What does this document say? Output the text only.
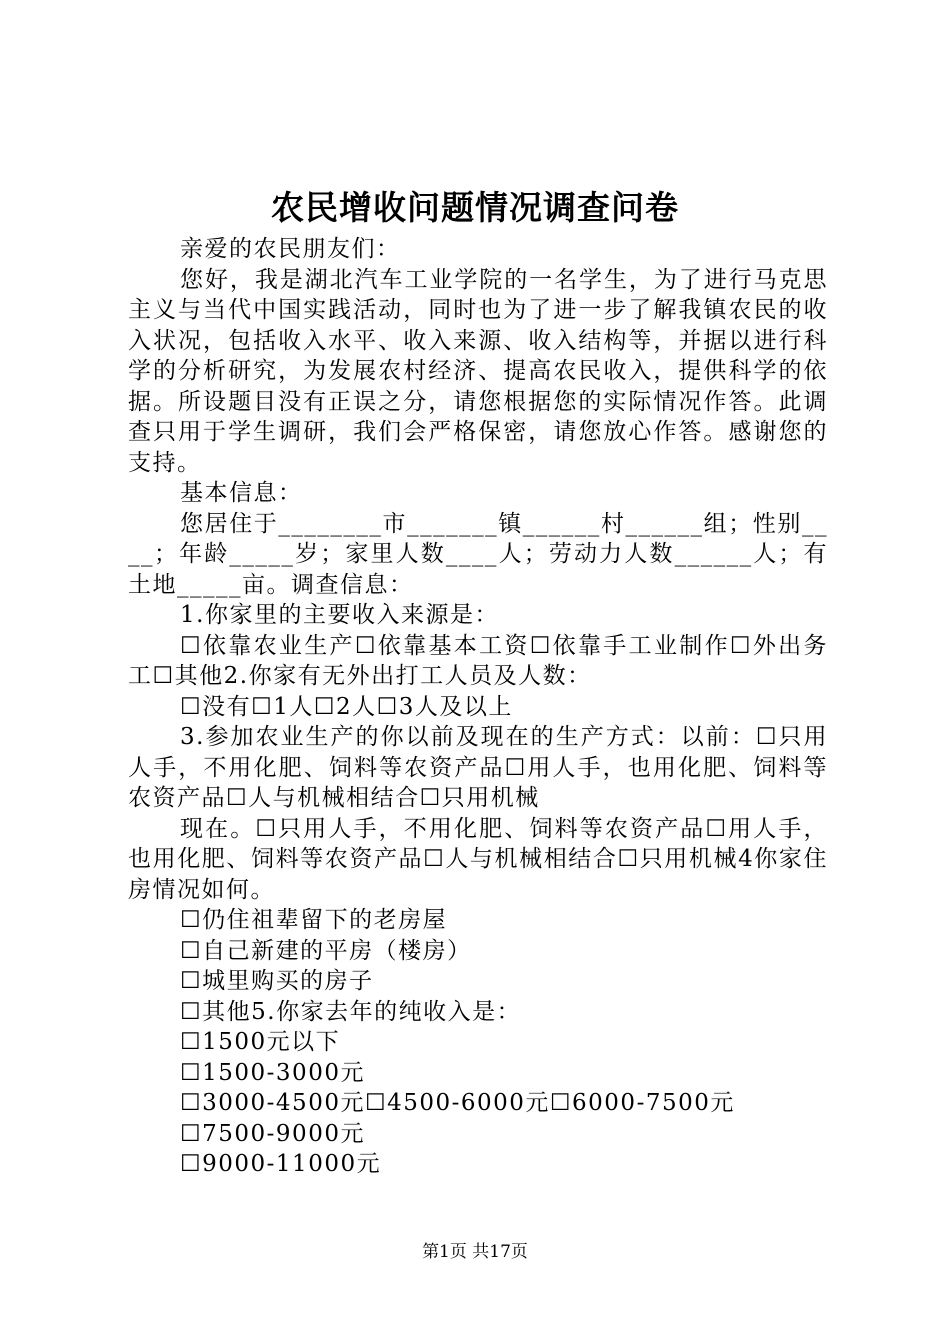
农民增收问题情况调查问卷

亲爱的农民朋友们：

您好，我是湖北汽车工业学院的一名学生，为了进行马克思主义与当代中国实践活动，同时也为了进一步了解我镇农民的收入状况，包括收入水平、收入来源、收入结构等，并据以进行科学的分析研究，为发展农村经济、提高农民收入，提供科学的依据。所设题目没有正误之分，请您根据您的实际情况作答。此调查只用于学生调研，我们会严格保密，请您放心作答。感谢您的支持。

基本信息：

您居住于________市_______镇______村______组；性别____；年龄_____岁；家里人数____人；劳动力人数______人；有土地_____亩。调查信息：

1.你家里的主要收入来源是：

☐依靠农业生产☐依靠基本工资☐依靠手工业制作☐外出务工☐其他2.你家有无外出打工人员及人数：

☐没有☐1人☐2人☐3人及以上

3.参加农业生产的你以前及现在的生产方式：以前：☐只用人手，不用化肥、饲料等农资产品☐用人手，也用化肥、饲料等农资产品☐人与机械相结合☐只用机械

现在。☐只用人手，不用化肥、饲料等农资产品☐用人手，也用化肥、饲料等农资产品☐人与机械相结合☐只用机械4你家住房情况如何。

☐仍住祖辈留下的老房屋

☐自己新建的平房（楼房）

☐城里购买的房子

☐其他5.你家去年的纯收入是：

☐1500元以下

☐1500-3000元

☐3000-4500元☐4500-6000元☐6000-7500元

☐7500-9000元

☐9000-11000元

第1页 共17页
